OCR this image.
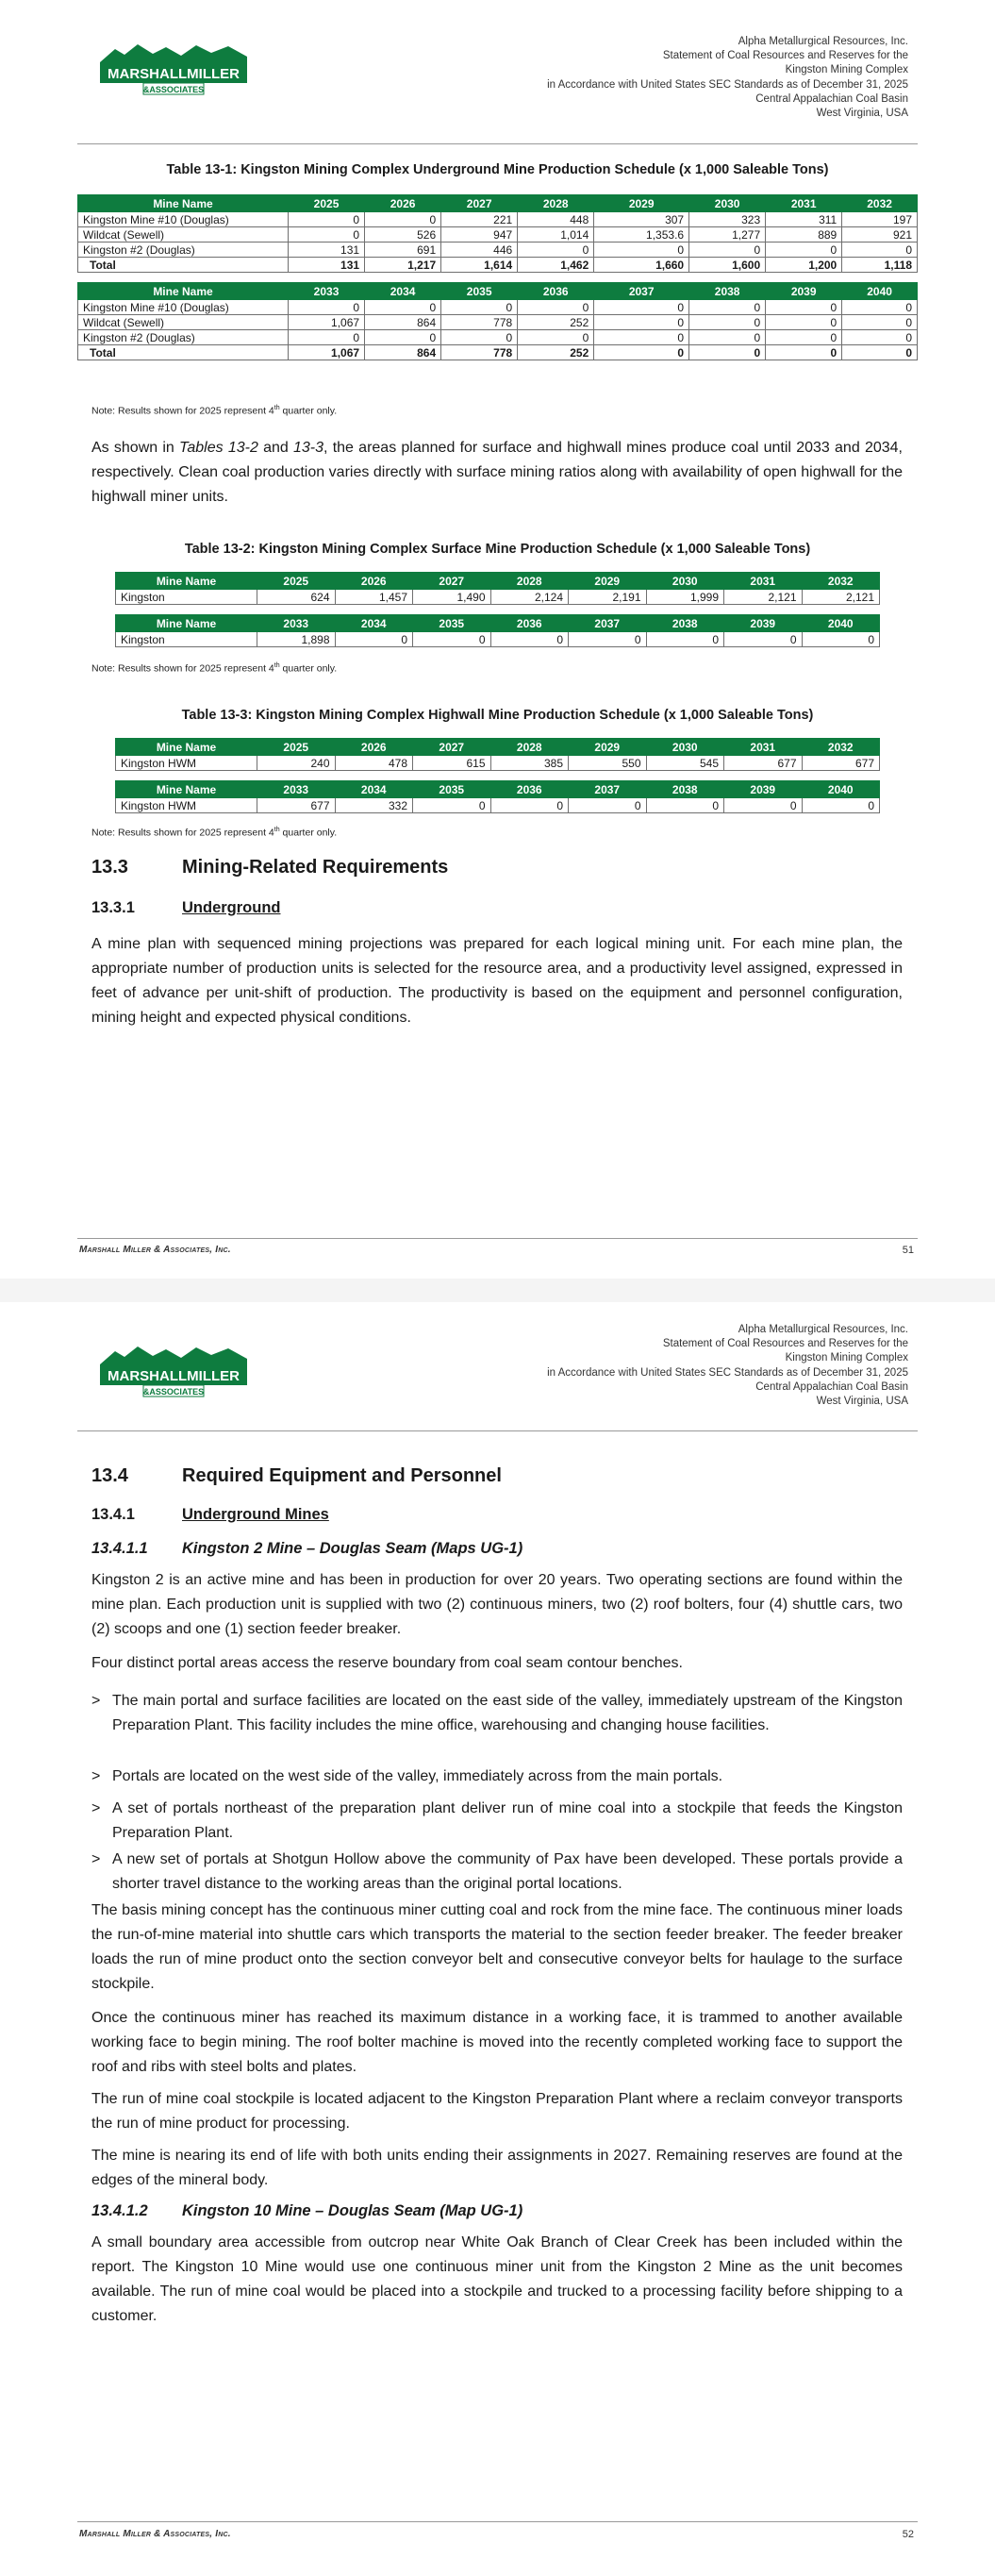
MARSHALLMILLER
&ASSOCIATES
Alpha Metallurgical Resources, Inc.
Statement of Coal Resources and Reserves for the
Kingston Mining Complex
in Accordance with United States SEC Standards as of December 31, 2025
Central Appalachian Coal Basin
West Virginia, USA
Table 13-1: Kingston Mining Complex Underground Mine Production Schedule (x 1,000 Saleable Tons)
Mine Name	2025	2026	2027	2028	2029	2030	2031	2032
Kingston Mine #10 (Douglas)	0	0	221	448	307	323	311	197
Wildcat (Sewell)	0	526	947	1,014	1,353.6	1,277	889	921
Kingston #2 (Douglas)	131	691	446	0	0	0	0	0
Total	131	1,217	1,614	1,462	1,660	1,600	1,200	1,118

Mine Name	2033	2034	2035	2036	2037	2038	2039	2040
Kingston Mine #10 (Douglas)	0	0	0	0	0	0	0	0
Wildcat (Sewell)	1,067	864	778	252	0	0	0	0
Kingston #2 (Douglas)	0	0	0	0	0	0	0	0
Total	1,067	864	778	252	0	0	0	0
Note: Results shown for 2025 represent 4th quarter only.
As shown in Tables 13-2 and 13-3, the areas planned for surface and highwall mines produce coal until 2033 and 2034, respectively. Clean coal production varies directly with surface mining ratios along with availability of open highwall for the highwall miner units.
Table 13-2: Kingston Mining Complex Surface Mine Production Schedule (x 1,000 Saleable Tons)
Mine Name	2025	2026	2027	2028	2029	2030	2031	2032
Kingston	624	1,457	1,490	2,124	2,191	1,999	2,121	2,121

Mine Name	2033	2034	2035	2036	2037	2038	2039	2040
Kingston	1,898	0	0	0	0	0	0	0
Note: Results shown for 2025 represent 4th quarter only.
Table 13-3: Kingston Mining Complex Highwall Mine Production Schedule (x 1,000 Saleable Tons)
Mine Name	2025	2026	2027	2028	2029	2030	2031	2032
Kingston HWM	240	478	615	385	550	545	677	677

Mine Name	2033	2034	2035	2036	2037	2038	2039	2040
Kingston HWM	677	332	0	0	0	0	0	0
Note: Results shown for 2025 represent 4th quarter only.
13.3	Mining-Related Requirements
13.3.1	Underground
A mine plan with sequenced mining projections was prepared for each logical mining unit. For each mine plan, the appropriate number of production units is selected for the resource area, and a productivity level assigned, expressed in feet of advance per unit-shift of production. The productivity is based on the equipment and personnel configuration, mining height and expected physical conditions.
Marshall Miller & Associates, Inc.	51
MARSHALLMILLER
&ASSOCIATES
Alpha Metallurgical Resources, Inc.
Statement of Coal Resources and Reserves for the
Kingston Mining Complex
in Accordance with United States SEC Standards as of December 31, 2025
Central Appalachian Coal Basin
West Virginia, USA
13.4	Required Equipment and Personnel
13.4.1	Underground Mines
13.4.1.1 Kingston 2 Mine – Douglas Seam (Maps UG-1)
Kingston 2 is an active mine and has been in production for over 20 years. Two operating sections are found within the mine plan. Each production unit is supplied with two (2) continuous miners, two (2) roof bolters, four (4) shuttle cars, two (2) scoops and one (1) section feeder breaker.
Four distinct portal areas access the reserve boundary from coal seam contour benches.
> The main portal and surface facilities are located on the east side of the valley, immediately upstream of the Kingston Preparation Plant. This facility includes the mine office, warehousing and changing house facilities.
> Portals are located on the west side of the valley, immediately across from the main portals.
> A set of portals northeast of the preparation plant deliver run of mine coal into a stockpile that feeds the Kingston Preparation Plant.
> A new set of portals at Shotgun Hollow above the community of Pax have been developed. These portals provide a shorter travel distance to the working areas than the original portal locations.
The basis mining concept has the continuous miner cutting coal and rock from the mine face. The continuous miner loads the run-of-mine material into shuttle cars which transports the material to the section feeder breaker. The feeder breaker loads the run of mine product onto the section conveyor belt and consecutive conveyor belts for haulage to the surface stockpile.
Once the continuous miner has reached its maximum distance in a working face, it is trammed to another available working face to begin mining. The roof bolter machine is moved into the recently completed working face to support the roof and ribs with steel bolts and plates.
The run of mine coal stockpile is located adjacent to the Kingston Preparation Plant where a reclaim conveyor transports the run of mine product for processing.
The mine is nearing its end of life with both units ending their assignments in 2027. Remaining reserves are found at the edges of the mineral body.
13.4.1.2 Kingston 10 Mine – Douglas Seam (Map UG-1)
A small boundary area accessible from outcrop near White Oak Branch of Clear Creek has been included within the report. The Kingston 10 Mine would use one continuous miner unit from the Kingston 2 Mine as the unit becomes available. The run of mine coal would be placed into a stockpile and trucked to a processing facility before shipping to a customer.
Marshall Miller & Associates, Inc.	52
